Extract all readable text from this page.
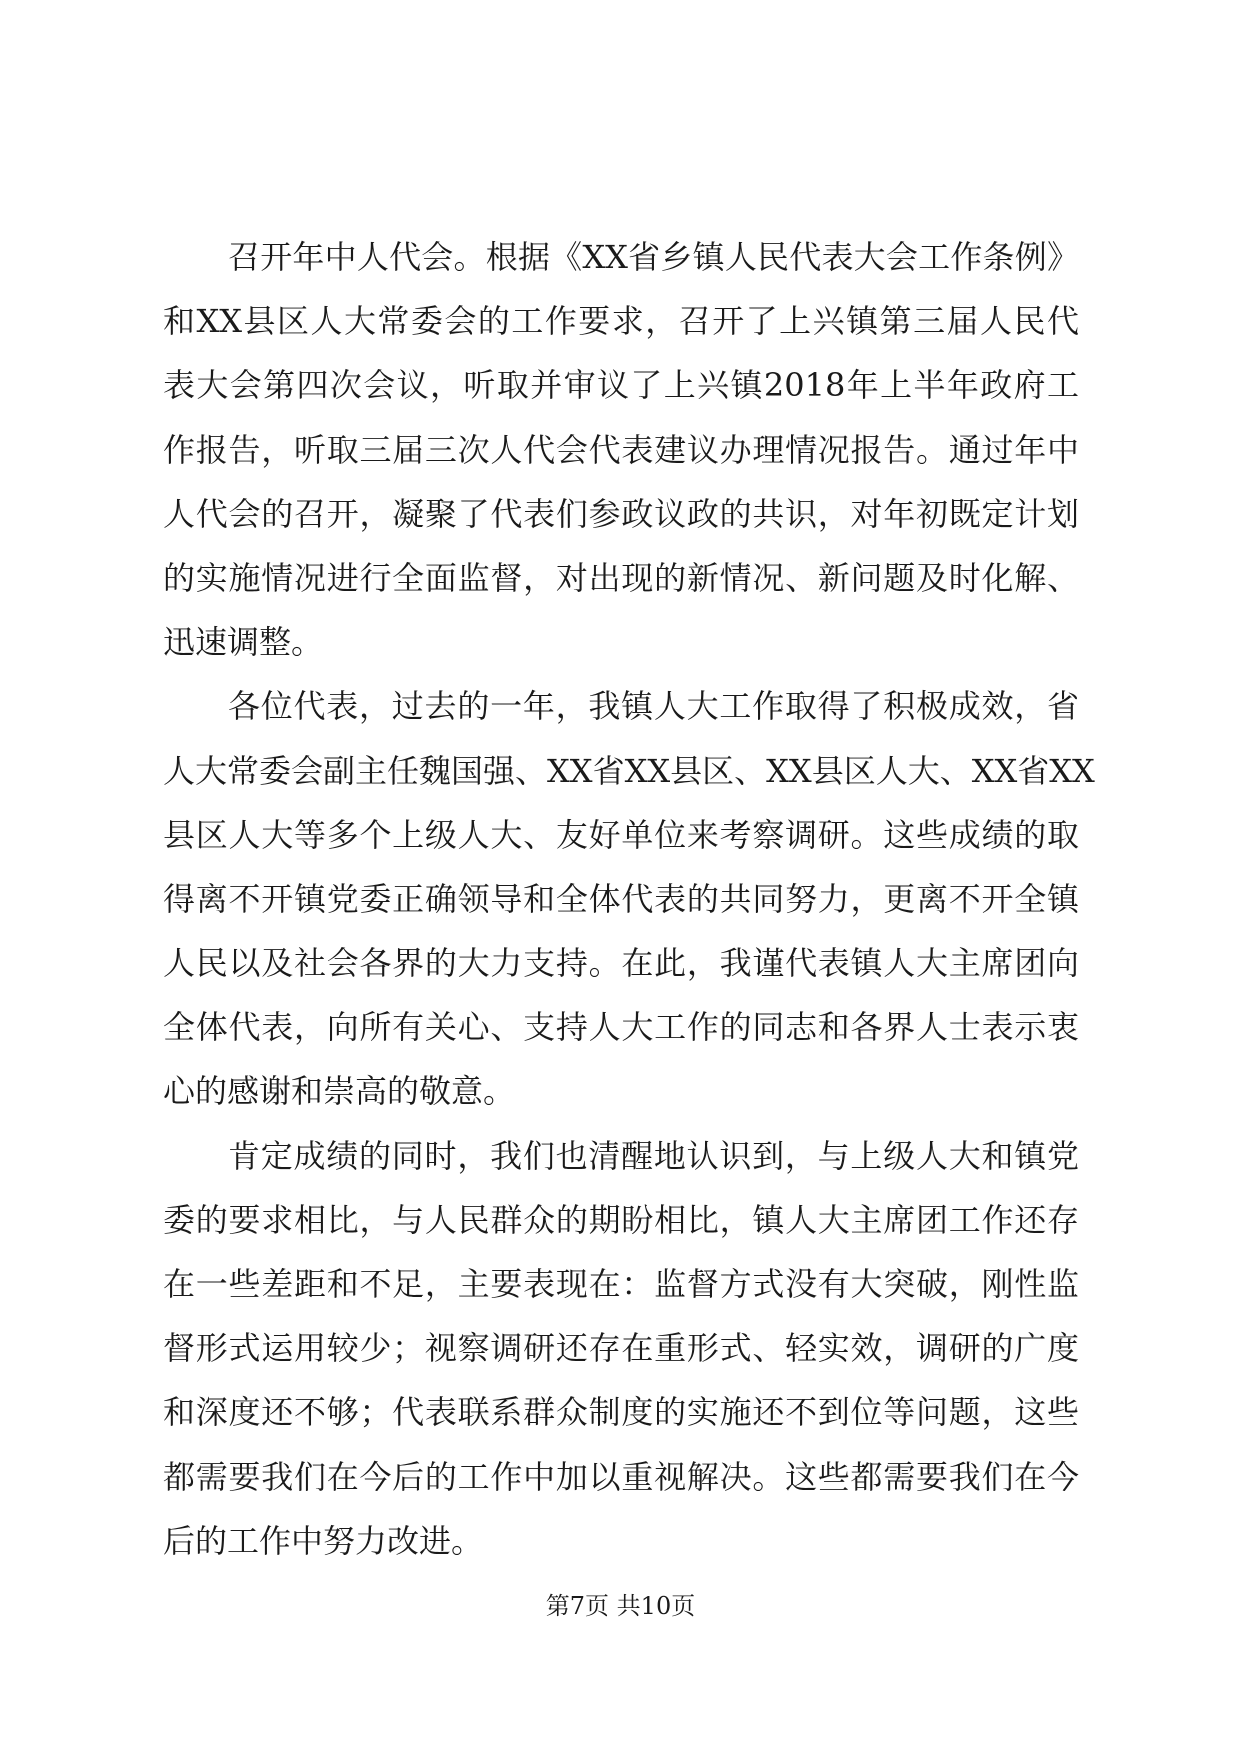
召开年中人代会。根据《XX省乡镇人民代表大会工作条例》
和XX县区人大常委会的工作要求，召开了上兴镇第三届人民代
表大会第四次会议，听取并审议了上兴镇2018年上半年政府工
作报告，听取三届三次人代会代表建议办理情况报告。通过年中
人代会的召开，凝聚了代表们参政议政的共识，对年初既定计划
的实施情况进行全面监督，对出现的新情况、新问题及时化解、
迅速调整。
各位代表，过去的一年，我镇人大工作取得了积极成效，省
人大常委会副主任魏国强、XX省XX县区、XX县区人大、XX省XX
县区人大等多个上级人大、友好单位来考察调研。这些成绩的取
得离不开镇党委正确领导和全体代表的共同努力，更离不开全镇
人民以及社会各界的大力支持。在此，我谨代表镇人大主席团向
全体代表，向所有关心、支持人大工作的同志和各界人士表示衷
心的感谢和崇高的敬意。
肯定成绩的同时，我们也清醒地认识到，与上级人大和镇党
委的要求相比，与人民群众的期盼相比，镇人大主席团工作还存
在一些差距和不足，主要表现在：监督方式没有大突破，刚性监
督形式运用较少；视察调研还存在重形式、轻实效，调研的广度
和深度还不够；代表联系群众制度的实施还不到位等问题，这些
都需要我们在今后的工作中加以重视解决。这些都需要我们在今
后的工作中努力改进。
第7页 共10页
